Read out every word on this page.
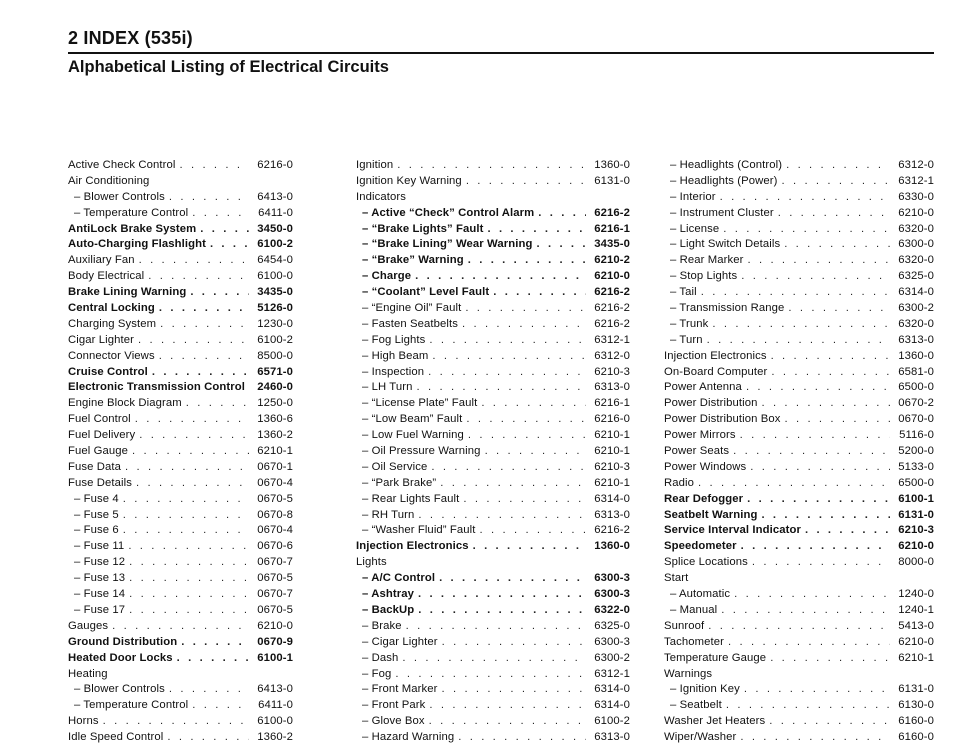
2 INDEX (535i)
Alphabetical Listing of Electrical Circuits
Active Check Control . . .	6216-0
Air Conditioning
– Blower Controls . . .	6413-0
– Temperature Control . . .	6411-0
AntiLock Brake System . . .	3450-0
Auto-Charging Flashlight . . .	6100-2
Auxiliary Fan . . .	6454-0
Body Electrical . . .	6100-0
Brake Lining Warning . . .	3435-0
Central Locking . . .	5126-0
Charging System . . .	1230-0
Cigar Lighter . . .	6100-2
Connector Views . . .	8500-0
Cruise Control . . .	6571-0
Electronic Transmission Control . . .	2460-0
Engine Block Diagram . . .	1250-0
Fuel Control . . .	1360-6
Fuel Delivery . . .	1360-2
Fuel Gauge . . .	6210-1
Fuse Data . . .	0670-1
Fuse Details . . .	0670-4
– Fuse 4 . . .	0670-5
– Fuse 5 . . .	0670-8
– Fuse 6 . . .	0670-4
– Fuse 11 . . .	0670-6
– Fuse 12 . . .	0670-7
– Fuse 13 . . .	0670-5
– Fuse 14 . . .	0670-7
– Fuse 17 . . .	0670-5
Gauges . . .	6210-0
Ground Distribution . . .	0670-9
Heated Door Locks . . .	6100-1
Heating
– Blower Controls . . .	6413-0
– Temperature Control . . .	6411-0
Horns . . .	6100-0
Idle Speed Control . . .	1360-2
Ignition . . .	1360-0
Ignition Key Warning . . .	6131-0
Indicators
– Active “Check” Control Alarm . . .	6216-2
– “Brake Lights” Fault . . .	6216-1
– “Brake Lining” Wear Warning . . .	3435-0
– “Brake” Warning . . .	6210-2
– Charge . . .	6210-0
– “Coolant” Level Fault . . .	6216-2
– “Engine Oil” Fault . . .	6216-2
– Fasten Seatbelts . . .	6216-2
– Fog Lights . . .	6312-1
– High Beam . . .	6312-0
– Inspection . . .	6210-3
– LH Turn . . .	6313-0
– “License Plate” Fault . . .	6216-1
– “Low Beam” Fault . . .	6216-0
– Low Fuel Warning . . .	6210-1
– Oil Pressure Warning . . .	6210-1
– Oil Service . . .	6210-3
– “Park Brake” . . .	6210-1
– Rear Lights Fault . . .	6314-0
– RH Turn . . .	6313-0
– “Washer Fluid” Fault . . .	6216-2
Injection Electronics . . .	1360-0
Lights
– A/C Control . . .	6300-3
– Ashtray . . .	6300-3
– BackUp . . .	6322-0
– Brake . . .	6325-0
– Cigar Lighter . . .	6300-3
– Dash . . .	6300-2
– Fog . . .	6312-1
– Front Marker . . .	6314-0
– Front Park . . .	6314-0
– Glove Box . . .	6100-2
– Hazard Warning . . .	6313-0
– Headlights (Control) . . .	6312-0
– Headlights (Power) . . .	6312-1
– Interior . . .	6330-0
– Instrument Cluster . . .	6210-0
– License . . .	6320-0
– Light Switch Details . . .	6300-0
– Rear Marker . . .	6320-0
– Stop Lights . . .	6325-0
– Tail . . .	6314-0
– Transmission Range . . .	6300-2
– Trunk . . .	6320-0
– Turn . . .	6313-0
Injection Electronics . . .	1360-0
On-Board Computer . . .	6581-0
Power Antenna . . .	6500-0
Power Distribution . . .	0670-2
Power Distribution Box . . .	0670-0
Power Mirrors . . .	5116-0
Power Seats . . .	5200-0
Power Windows . . .	5133-0
Radio . . .	6500-0
Rear Defogger . . .	6100-1
Seatbelt Warning . . .	6131-0
Service Interval Indicator . . .	6210-3
Speedometer . . .	6210-0
Splice Locations . . .	8000-0
Start
– Automatic . . .	1240-0
– Manual . . .	1240-1
Sunroof . . .	5413-0
Tachometer . . .	6210-0
Temperature Gauge . . .	6210-1
Warnings
– Ignition Key . . .	6131-0
– Seatbelt . . .	6130-0
Washer Jet Heaters . . .	6160-0
Wiper/Washer . . .	6160-0
